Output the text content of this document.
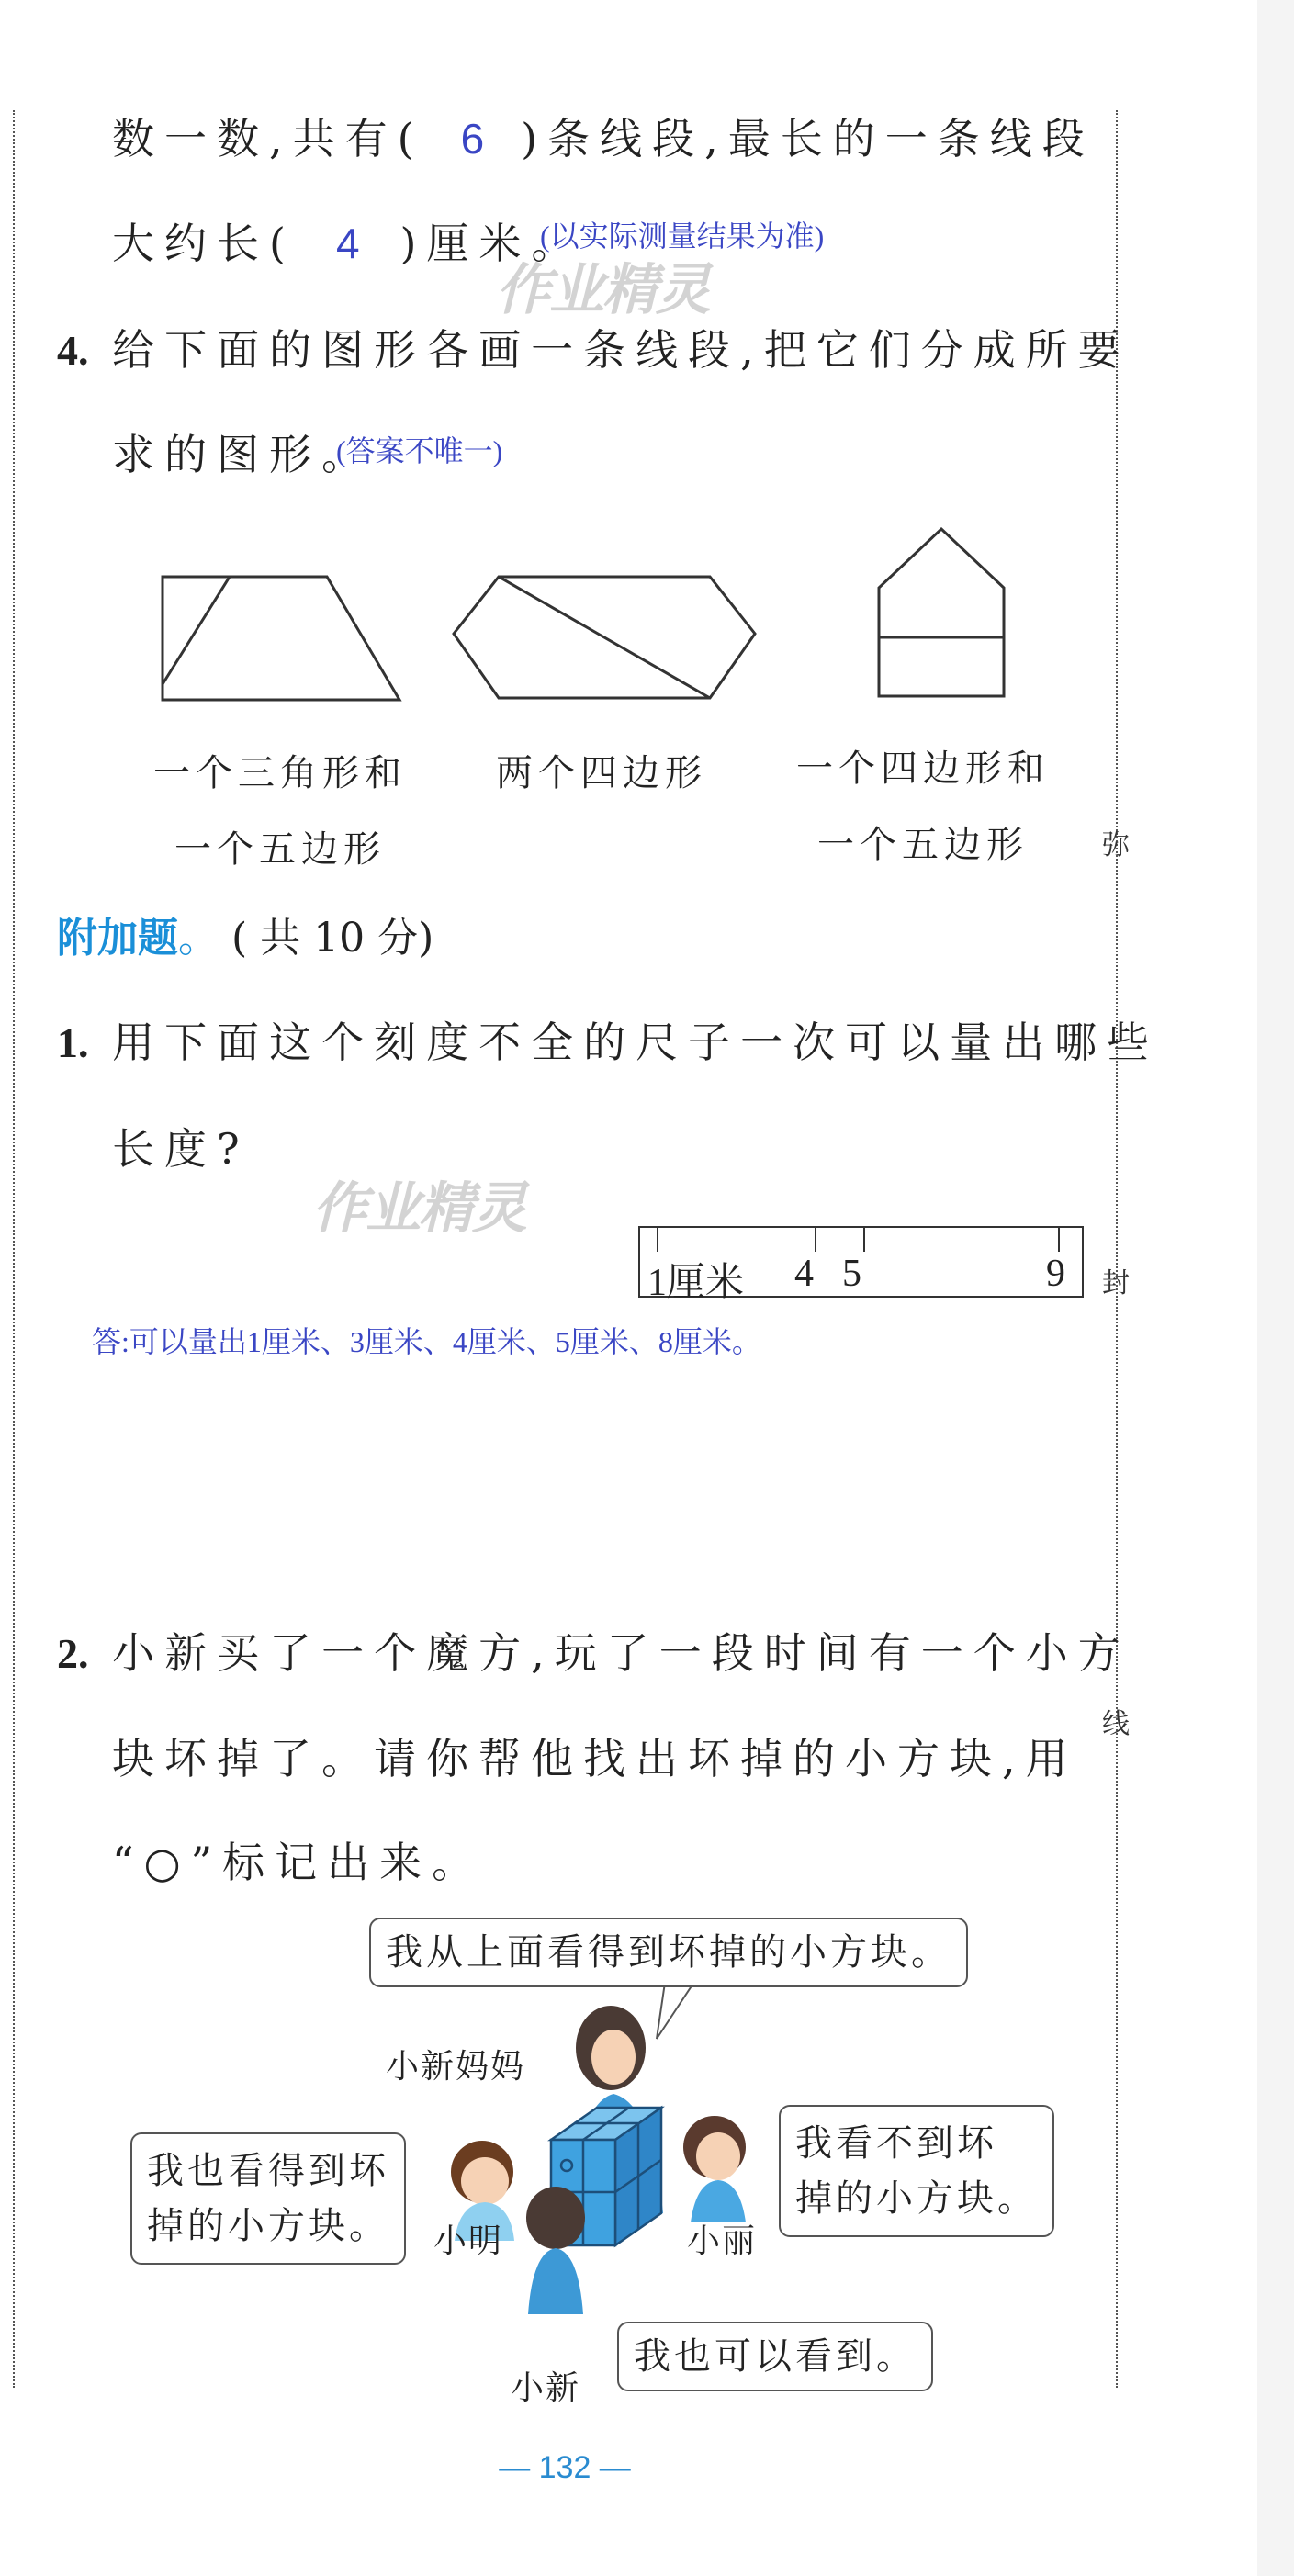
弥
封
线
数一数,共有( 6 )条线段,最长的一条线段
大约长( 4 )厘米。
(以实际测量结果为准)
作业精灵
4. 给下面的图形各画一条线段,把它们分成所要
求的图形。
(答案不唯一)
一个三角形和
一个五边形
两个四边形	一个四边形和
一个五边形
附加题。 ( 共 10 分)
1. 用下面这个刻度不全的尺子一次可以量出哪些
长度?
作业精灵
1厘米 4 5	9
答:可以量出1厘米、3厘米、4厘米、5厘米、8厘米。
2. 小新买了一个魔方,玩了一段时间有一个小方
块坏掉了。请你帮他找出坏掉的小方块,用
“○”标记出来。
我从上面看得到坏掉的小方块。
小新妈妈
我也看得到坏
掉的小方块。 小明
我看不到坏
掉的小方块。
小丽
我也可以看到。
小新
— 132 —
